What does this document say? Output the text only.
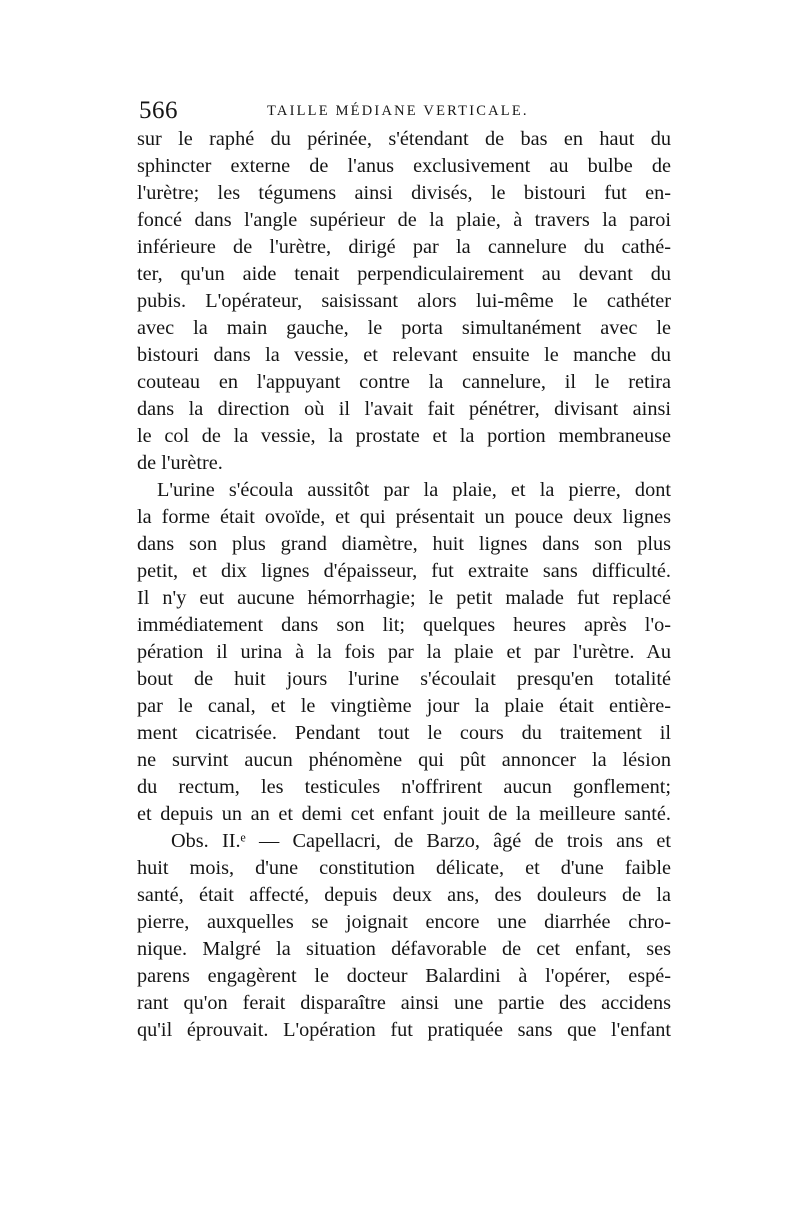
566	TAILLE MÉDIANE VERTICALE.
sur le raphé du périnée, s'étendant de bas en haut du
sphincter externe de l'anus exclusivement au bulbe de
l'urètre; les tégumens ainsi divisés, le bistouri fut en-
foncé dans l'angle supérieur de la plaie, à travers la paroi
inférieure de l'urètre, dirigé par la cannelure du cathé-
ter, qu'un aide tenait perpendiculairement au devant du
pubis. L'opérateur, saisissant alors lui-même le cathéter
avec la main gauche, le porta simultanément avec le
bistouri dans la vessie, et relevant ensuite le manche du
couteau en l'appuyant contre la cannelure, il le retira
dans la direction où il l'avait fait pénétrer, divisant ainsi
le col de la vessie, la prostate et la portion membraneuse
de l'urètre.
L'urine s'écoula aussitôt par la plaie, et la pierre, dont
la forme était ovoïde, et qui présentait un pouce deux lignes
dans son plus grand diamètre, huit lignes dans son plus
petit, et dix lignes d'épaisseur, fut extraite sans difficulté.
Il n'y eut aucune hémorrhagie; le petit malade fut replacé
immédiatement dans son lit; quelques heures après l'o-
pération il urina à la fois par la plaie et par l'urètre. Au
bout de huit jours l'urine s'écoulait presqu'en totalité
par le canal, et le vingtième jour la plaie était entière-
ment cicatrisée. Pendant tout le cours du traitement il
ne survint aucun phénomène qui pût annoncer la lésion
du rectum, les testicules n'offrirent aucun gonflement;
et depuis un an et demi cet enfant jouit de la meilleure santé.
Obs. II.ᵉ — Capellacri, de Barzo, âgé de trois ans et
huit mois, d'une constitution délicate, et d'une faible
santé, était affecté, depuis deux ans, des douleurs de la
pierre, auxquelles se joignait encore une diarrhée chro-
nique. Malgré la situation défavorable de cet enfant, ses
parens engagèrent le docteur Balardini à l'opérer, espé-
rant qu'on ferait disparaître ainsi une partie des accidens
qu'il éprouvait. L'opération fut pratiquée sans que l'enfant
